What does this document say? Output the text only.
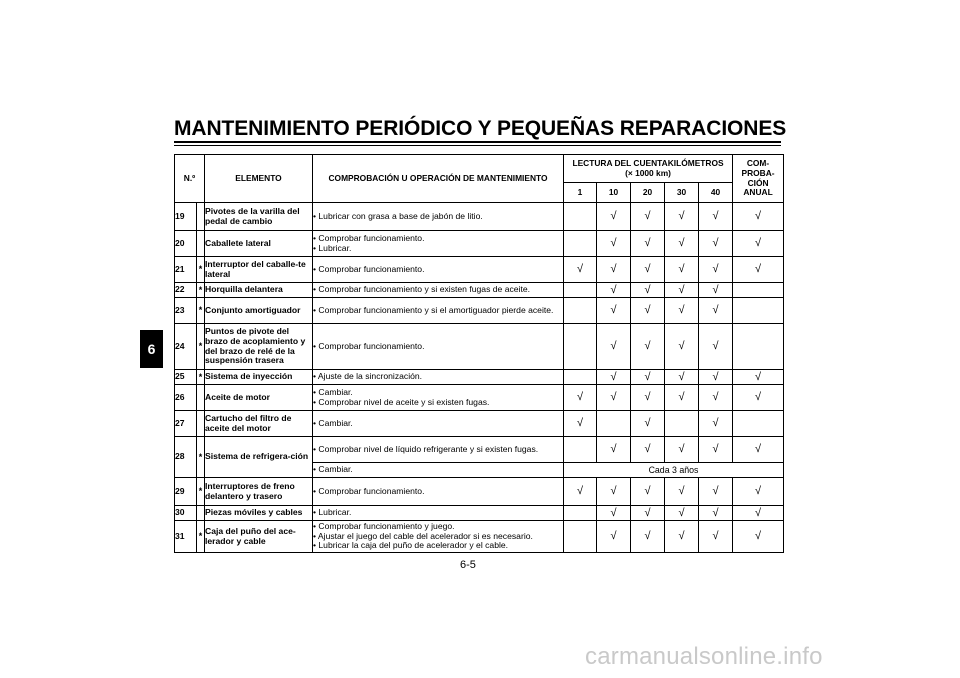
MANTENIMIENTO PERIÓDICO Y PEQUEÑAS REPARACIONES
6
N.º		ELEMENTO	COMPROBACIÓN U OPERACIÓN DE MANTENIMIENTO	LECTURA DEL CUENTAKILÓMETROS
(× 1000 km)					COM-PROBA-CIÓN ANUAL
				1	10	20	30	40	
19		Pivotes de la varilla del pedal de cambio	• Lubricar con grasa a base de jabón de litio.		√	√	√	√	√
20		Caballete lateral	• Comprobar funcionamiento.
• Lubricar.		√	√	√	√	√
21	*	Interruptor del caballe-te lateral	• Comprobar funcionamiento.	√	√	√	√	√	√
22	*	Horquilla delantera	• Comprobar funcionamiento y si existen fugas de aceite.		√	√	√	√	
23	*	Conjunto amortiguador	• Comprobar funcionamiento y si el amortiguador pierde aceite.		√	√	√	√	
24	*	Puntos de pivote del brazo de acoplamiento y del brazo de relé de la suspensión trasera	• Comprobar funcionamiento.		√	√	√	√	
25	*	Sistema de inyección	• Ajuste de la sincronización.		√	√	√	√	√
26		Aceite de motor	• Cambiar.
• Comprobar nivel de aceite y si existen fugas.	√	√	√	√	√	√
27		Cartucho del filtro de aceite del motor	• Cambiar.	√		√		√	
28	*	Sistema de refrigera-ción	• Comprobar nivel de líquido refrigerante y si existen fugas.		√	√	√	√	√

			• Cambiar.	Cada 3 años					
29	*	Interruptores de freno delantero y trasero	• Comprobar funcionamiento.	√	√	√	√	√	√
30		Piezas móviles y cables	• Lubricar.		√	√	√	√	√
31	*	Caja del puño del ace-lerador y cable	• Comprobar funcionamiento y juego.
• Ajustar el juego del cable del acelerador si es necesario.
• Lubricar la caja del puño de acelerador y el cable.		√	√	√	√	√
6-5
carmanualsonline.info
